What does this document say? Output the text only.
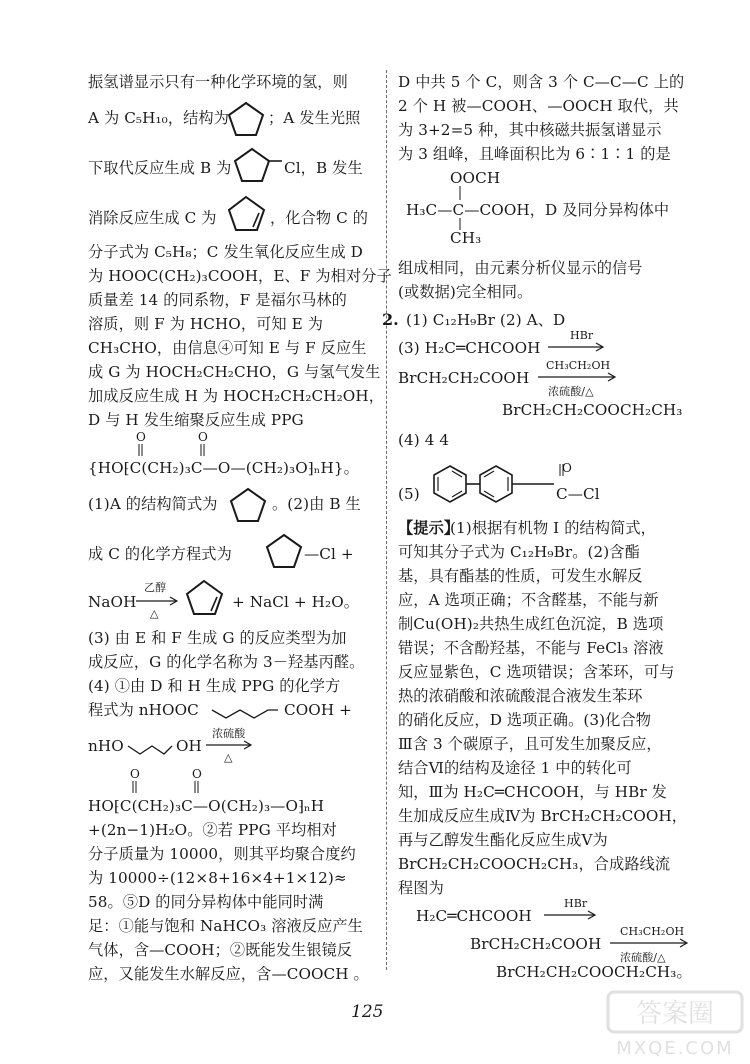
振氢谱显示只有一种化学环境的氢，则
A 为 C₅H₁₀，结构为	；A 发生光照
下取代反应生成 B 为	Cl，B 发生
消除反应生成 C 为	，化合物 C 的
分子式为 C₅H₈；C 发生氧化反应生成 D
为 HOOC(CH₂)₃COOH，E、F 为相对分子
质量差 14 的同系物，F 是福尔马林的
溶质，则 F 为 HCHO，可知 E 为
CH₃CHO，由信息④可知 E 与 F 反应生
成 G 为 HOCH₂CH₂CHO，G 与氢气发生
加成反应生成 H 为 HOCH₂CH₂CH₂OH，
D 与 H 发生缩聚反应生成 PPG
O	O
{HO⁅C(CH₂)₃C—O—(CH₂)₃O⁆ₙH}。
(1)A 的结构简式为	。(2)由 B 生
成 C 的化学方程式为	—Cl +
NaOH
乙醇
△
+ NaCl + H₂O。
(3) 由 E 和 F 生成 G 的反应类型为加
成反应，G 的化学名称为 3－羟基丙醛。
(4) ①由 D 和 H 生成 PPG 的化学方
程式为 nHOOC	COOH +
nHO	OH
浓硫酸
△
O	O
HO⁅C(CH₂)₃C—O(CH₂)₃—O⁆ₙH
+(2n−1)H₂O。②若 PPG 平均相对
分子质量为 10000，则其平均聚合度约
为 10000÷(12×8+16×4+1×12)≈
58。⑤D 的同分异构体中能同时满
足：①能与饱和 NaHCO₃ 溶液反应产生
气体，含—COOH；②既能发生银镜反
应，又能发生水解反应，含—COOCH 。
D 中共 5 个 C，则含 3 个 C—C—C 上的
2 个 H 被—COOH、—OOCH 取代，共
为 3+2=5 种，其中核磁共振氢谱显示
为 3 组峰，且峰面积比为 6∶1∶1 的是
OOCH
H₃C—C—COOH，D 及同分异构体中
CH₃
组成相同，由元素分析仪显示的信号
(或数据)完全相同。
2. (1) C₁₂H₉Br (2) A、D
(3) H₂C═CHCOOH
HBr
BrCH₂CH₂COOH
CH₃CH₂OH
浓硫酸/△
BrCH₂CH₂COOCH₂CH₃
(4) 4 4
O
(5)	C—Cl
【提示】
(1)根据有机物 I 的结构简式，
可知其分子式为 C₁₂H₉Br。(2)含酯
基，具有酯基的性质，可发生水解反
应，A 选项正确；不含醛基，不能与新
制Cu(OH)₂共热生成红色沉淀，B 选项
错误；不含酚羟基，不能与 FeCl₃ 溶液
反应显紫色，C 选项错误；含苯环，可与
热的浓硝酸和浓硫酸混合液发生苯环
的硝化反应，D 选项正确。(3)化合物
Ⅲ含 3 个碳原子，且可发生加聚反应，
结合Ⅵ的结构及途径 1 中的转化可
知，Ⅲ为 H₂C═CHCOOH，与 HBr 发
生加成反应生成Ⅳ为 BrCH₂CH₂COOH，
再与乙醇发生酯化反应生成Ⅴ为
BrCH₂CH₂COOCH₂CH₃，合成路线流
程图为
H₂C═CHCOOH
HBr
BrCH₂CH₂COOH
CH₃CH₂OH
浓硫酸/△
BrCH₂CH₂COOCH₂CH₃。
125	答案圈
MXQE.COM
